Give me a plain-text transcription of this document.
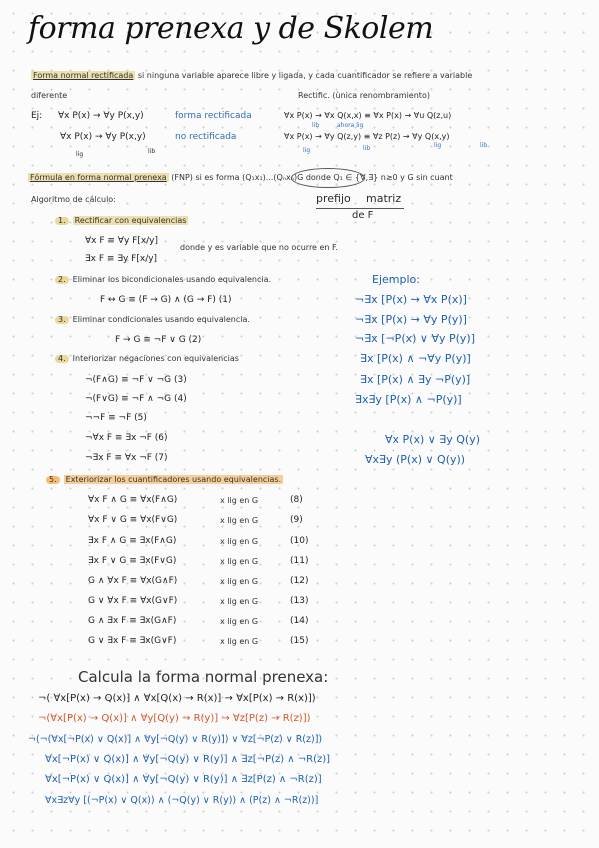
forma prenexa y de Skolem
Forma normal rectificada si ninguna variable aparece libre y ligada, y cada cuantificador se refiere a variable
diferente	Rectific. (ùnica renombramiento)
Ej: ∀x P(x) → ∀y P(x,y)	forma rectificada
∀x P(x) → ∀y P(x,y)	no rectificada
lig	lib
∀x P(x) → ∀x Q(x,x) ≡ ∀x P(x) → ∀u Q(z,u)
lib	ahora lig
∀x P(x) → ∀y Q(z,y) ≡ ∀z P(z) → ∀y Q(x,y)
lig	lib	lig	lib
Fórmula en forma normal prenexa (FNP) si es forma (Q₁x₁)...(Qₙxₙ)G donde Q₁ ∈ {∀,∃} n≥0 y G sin cuant
prefijo matriz
de F
Algoritmo de cálculo:
1. Rectificar con equivalencias
∀x F ≡ ∀y F[x/y]
∃x F ≡ ∃y F[x/y]
donde y es variable que no ocurre en F.
2. Eliminar los bicondicionales usando equivalencia.
F ↔ G ≡ (F → G) ∧ (G → F) (1)
3. Eliminar condicionales usando equivalencia.
F → G ≡ ¬F ∨ G (2)
4. Interiorizar negaciones con equivalencias
¬(F∧G) ≡ ¬F ∨ ¬G (3)
¬(F∨G) ≡ ¬F ∧ ¬G (4)
¬¬F ≡ ¬F (5)
¬∀x F ≡ ∃x ¬F (6)
¬∃x F ≡ ∀x ¬F (7)
Ejemplo:
¬∃x [P(x) → ∀x P(x)]
¬∃x [P(x) → ∀y P(y)]
¬∃x [¬P(x) ∨ ∀y P(y)]
∃x [P(x) ∧ ¬∀y P(y)]
∃x [P(x) ∧ ∃y ¬P(y)]
∃x∃y [P(x) ∧ ¬P(y)]
∀x P(x) ∨ ∃y Q(y)
∀x∃y (P(x) ∨ Q(y))
5. Exteriorizar los cuantificadores usando equivalencias.
∀x F ∧ G ≡ ∀x(F∧G)	x lig en G	(8)
∀x F ∨ G ≡ ∀x(F∨G)	x lig en G	(9)
∃x F ∧ G ≡ ∃x(F∧G)	x lig en G	(10)
∃x F ∨ G ≡ ∃x(F∨G)	x lig en G	(11)
G ∧ ∀x F ≡ ∀x(G∧F)	x lig en G	(12)
G ∨ ∀x F ≡ ∀x(G∨F)	x lig en G	(13)
G ∧ ∃x F ≡ ∃x(G∧F)	x lig en G	(14)
G ∨ ∃x F ≡ ∃x(G∨F)	x lig en G	(15)
Calcula la forma normal prenexa:
¬( ∀x[P(x) → Q(x)] ∧ ∀x[Q(x) → R(x)] → ∀x[P(x) → R(x)])
¬(∀x[P(x) → Q(x)] ∧ ∀y[Q(y) → R(y)] → ∀z[P(z) → R(z)])
¬(¬(∀x[¬P(x) ∨ Q(x)] ∧ ∀y[¬Q(y) ∨ R(y)]) ∨ ∀z[¬P(z) ∨ R(z)])
∀x[¬P(x) ∨ Q(x)] ∧ ∀y[¬Q(y) ∨ R(y)] ∧ ∃z[¬P(z) ∧ ¬R(z)]
∀x[¬P(x) ∨ Q(x)] ∧ ∀y[¬Q(y) ∨ R(y)] ∧ ∃z[P(z) ∧ ¬R(z)]
∀x∃z∀y [(¬P(x) ∨ Q(x)) ∧ (¬Q(y) ∨ R(y)) ∧ (P(z) ∧ ¬R(z))]
